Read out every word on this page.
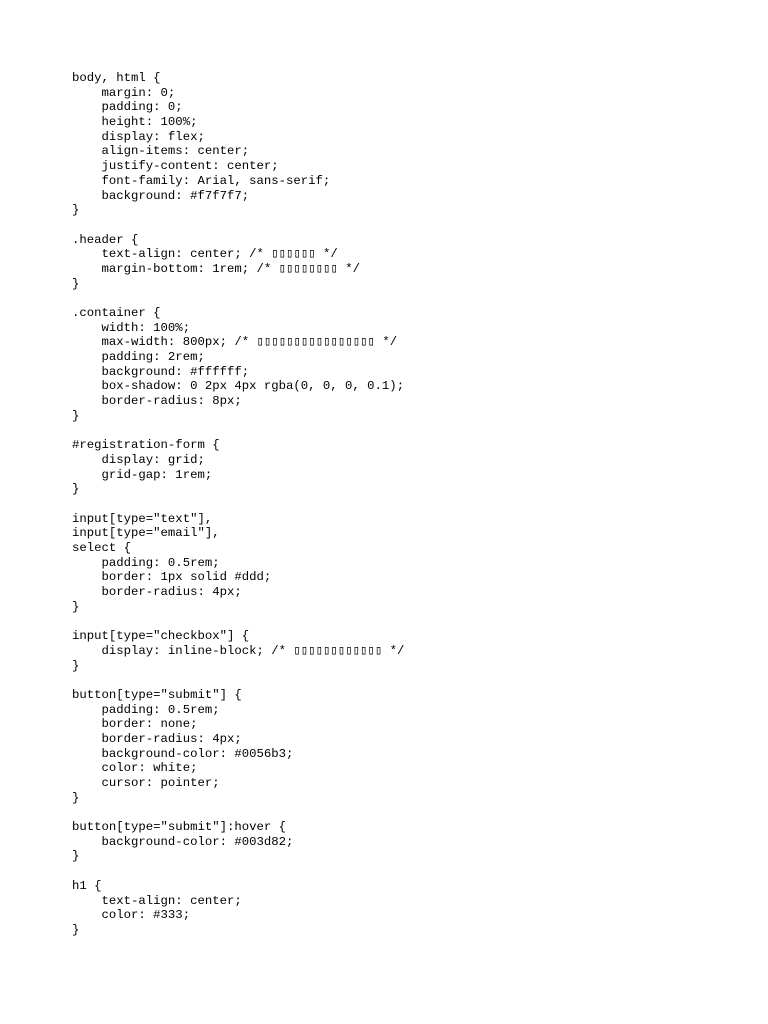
body, html {
margin: 0;
padding: 0;
height: 100%;
display: flex;
align-items: center;
justify-content: center;
font-family: Arial, sans-serif;
background: #f7f7f7;
}
.header {
text-align: center; /* ▯▯▯▯▯▯ */
margin-bottom: 1rem; /* ▯▯▯▯▯▯▯▯ */
}
.container {
width: 100%;
max-width: 800px; /* ▯▯▯▯▯▯▯▯▯▯▯▯▯▯▯▯ */
padding: 2rem;
background: #ffffff;
box-shadow: 0 2px 4px rgba(0, 0, 0, 0.1);
border-radius: 8px;
}
#registration-form {
display: grid;
grid-gap: 1rem;
}
input[type="text"],
input[type="email"],
select {
padding: 0.5rem;
border: 1px solid #ddd;
border-radius: 4px;
}
input[type="checkbox"] {
display: inline-block; /* ▯▯▯▯▯▯▯▯▯▯▯▯ */
}
button[type="submit"] {
padding: 0.5rem;
border: none;
border-radius: 4px;
background-color: #0056b3;
color: white;
cursor: pointer;
}
button[type="submit"]:hover {
background-color: #003d82;
}
h1 {
text-align: center;
color: #333;
}
